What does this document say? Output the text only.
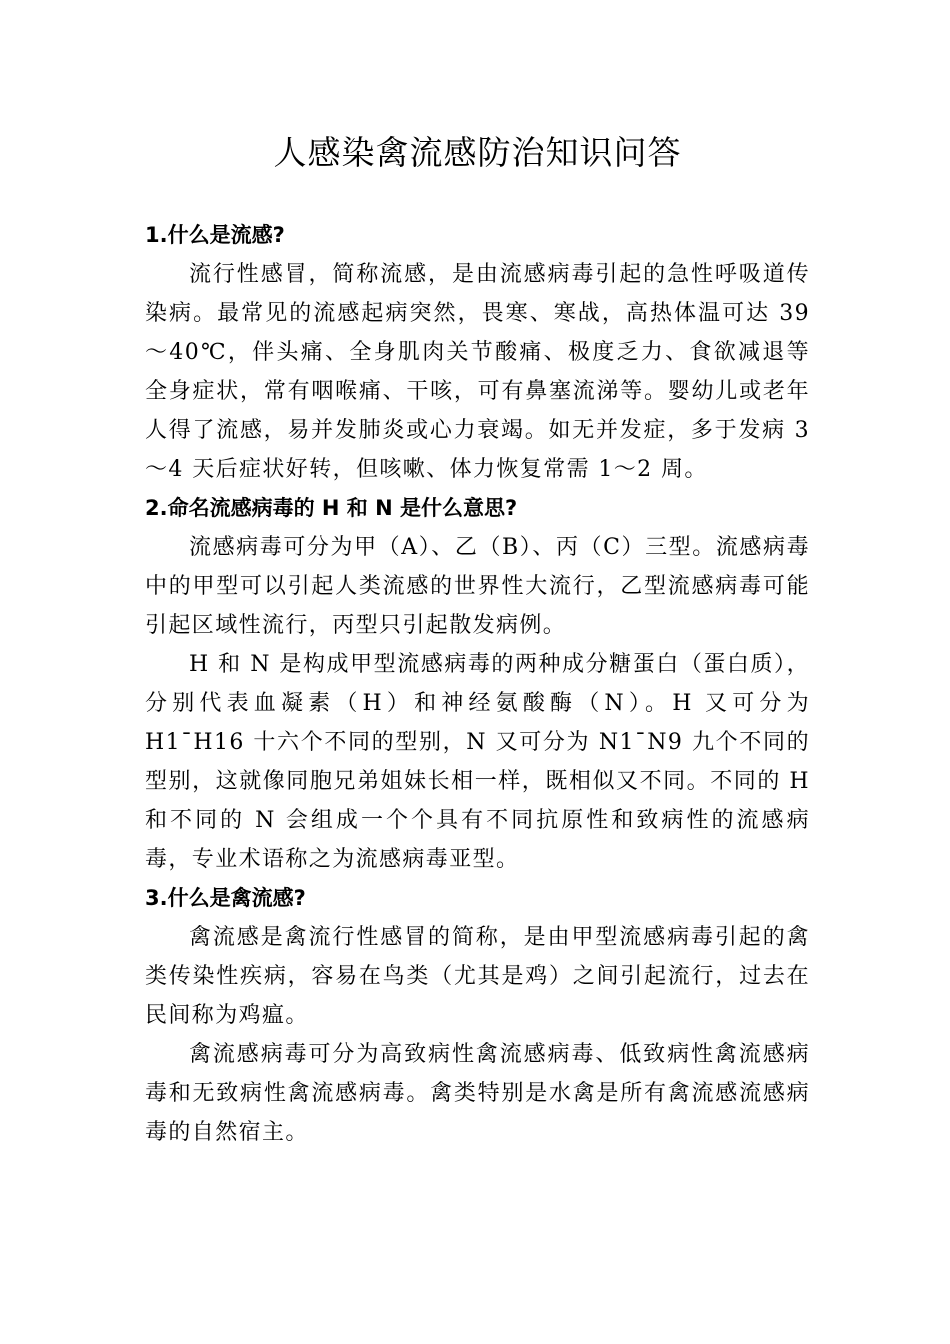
人感染禽流感防治知识问答

1.什么是流感?

流行性感冒，简称流感，是由流感病毒引起的急性呼吸道传染病。最常见的流感起病突然，畏寒、寒战，高热体温可达 39～40℃，伴头痛、全身肌肉关节酸痛、极度乏力、食欲减退等全身症状，常有咽喉痛、干咳，可有鼻塞流涕等。婴幼儿或老年人得了流感，易并发肺炎或心力衰竭。如无并发症，多于发病 3～4 天后症状好转，但咳嗽、体力恢复常需 1～2 周。

2.命名流感病毒的 H 和 N 是什么意思?

流感病毒可分为甲（A）、乙（B）、丙（C）三型。流感病毒中的甲型可以引起人类流感的世界性大流行，乙型流感病毒可能引起区域性流行，丙型只引起散发病例。

H 和 N 是构成甲型流感病毒的两种成分糖蛋白（蛋白质），分别代表血凝素（H）和神经氨酸酶（N）。H 又可分为 H1¯H16 十六个不同的型别，N 又可分为 N1¯N9 九个不同的型别，这就像同胞兄弟姐妹长相一样，既相似又不同。不同的 H 和不同的 N 会组成一个个具有不同抗原性和致病性的流感病毒，专业术语称之为流感病毒亚型。

3.什么是禽流感?

禽流感是禽流行性感冒的简称，是由甲型流感病毒引起的禽类传染性疾病，容易在鸟类（尤其是鸡）之间引起流行，过去在民间称为鸡瘟。

禽流感病毒可分为高致病性禽流感病毒、低致病性禽流感病毒和无致病性禽流感病毒。禽类特别是水禽是所有禽流感流感病毒的自然宿主。
